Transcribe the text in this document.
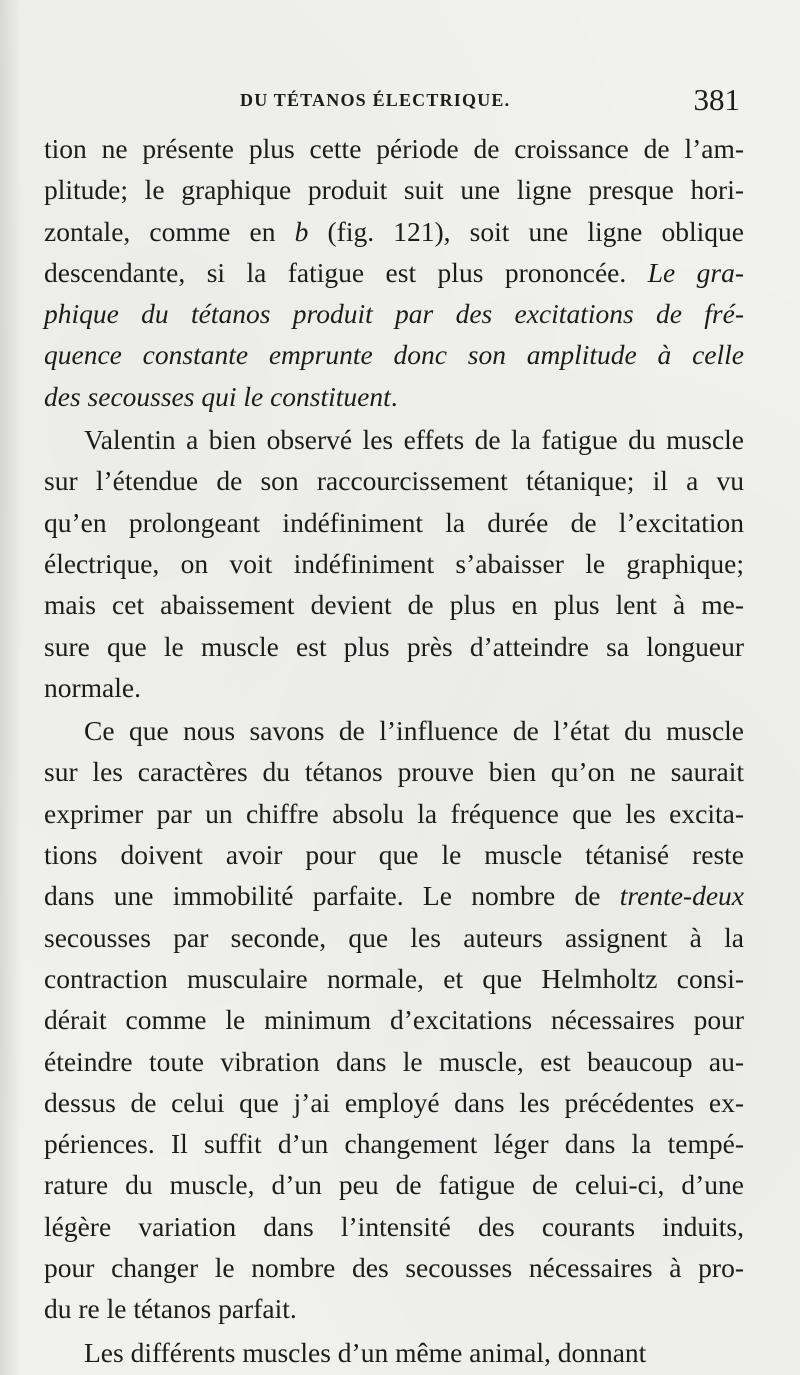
DU TÉTANOS ÉLECTRIQUE.	381
tion ne présente plus cette période de croissance de l’am-
plitude; le graphique produit suit une ligne presque hori-
zontale, comme en b (fig. 121), soit une ligne oblique
descendante, si la fatigue est plus prononcée. Le gra-
phique du tétanos produit par des excitations de fré-
quence constante emprunte donc son amplitude à celle
des secousses qui le constituent.
Valentin a bien observé les effets de la fatigue du muscle
sur l’étendue de son raccourcissement tétanique; il a vu
qu’en prolongeant indéfiniment la durée de l’excitation
électrique, on voit indéfiniment s’abaisser le graphique;
mais cet abaissement devient de plus en plus lent à me-
sure que le muscle est plus près d’atteindre sa longueur
normale.
Ce que nous savons de l’influence de l’état du muscle
sur les caractères du tétanos prouve bien qu’on ne saurait
exprimer par un chiffre absolu la fréquence que les excita-
tions doivent avoir pour que le muscle tétanisé reste
dans une immobilité parfaite. Le nombre de trente-deux
secousses par seconde, que les auteurs assignent à la
contraction musculaire normale, et que Helmholtz consi-
dérait comme le minimum d’excitations nécessaires pour
éteindre toute vibration dans le muscle, est beaucoup au-
dessus de celui que j’ai employé dans les précédentes ex-
périences. Il suffit d’un changement léger dans la tempé-
rature du muscle, d’un peu de fatigue de celui-ci, d’une
légère variation dans l’intensité des courants induits,
pour changer le nombre des secousses nécessaires à pro-
du re le tétanos parfait.
Les différents muscles d’un même animal, donnant
